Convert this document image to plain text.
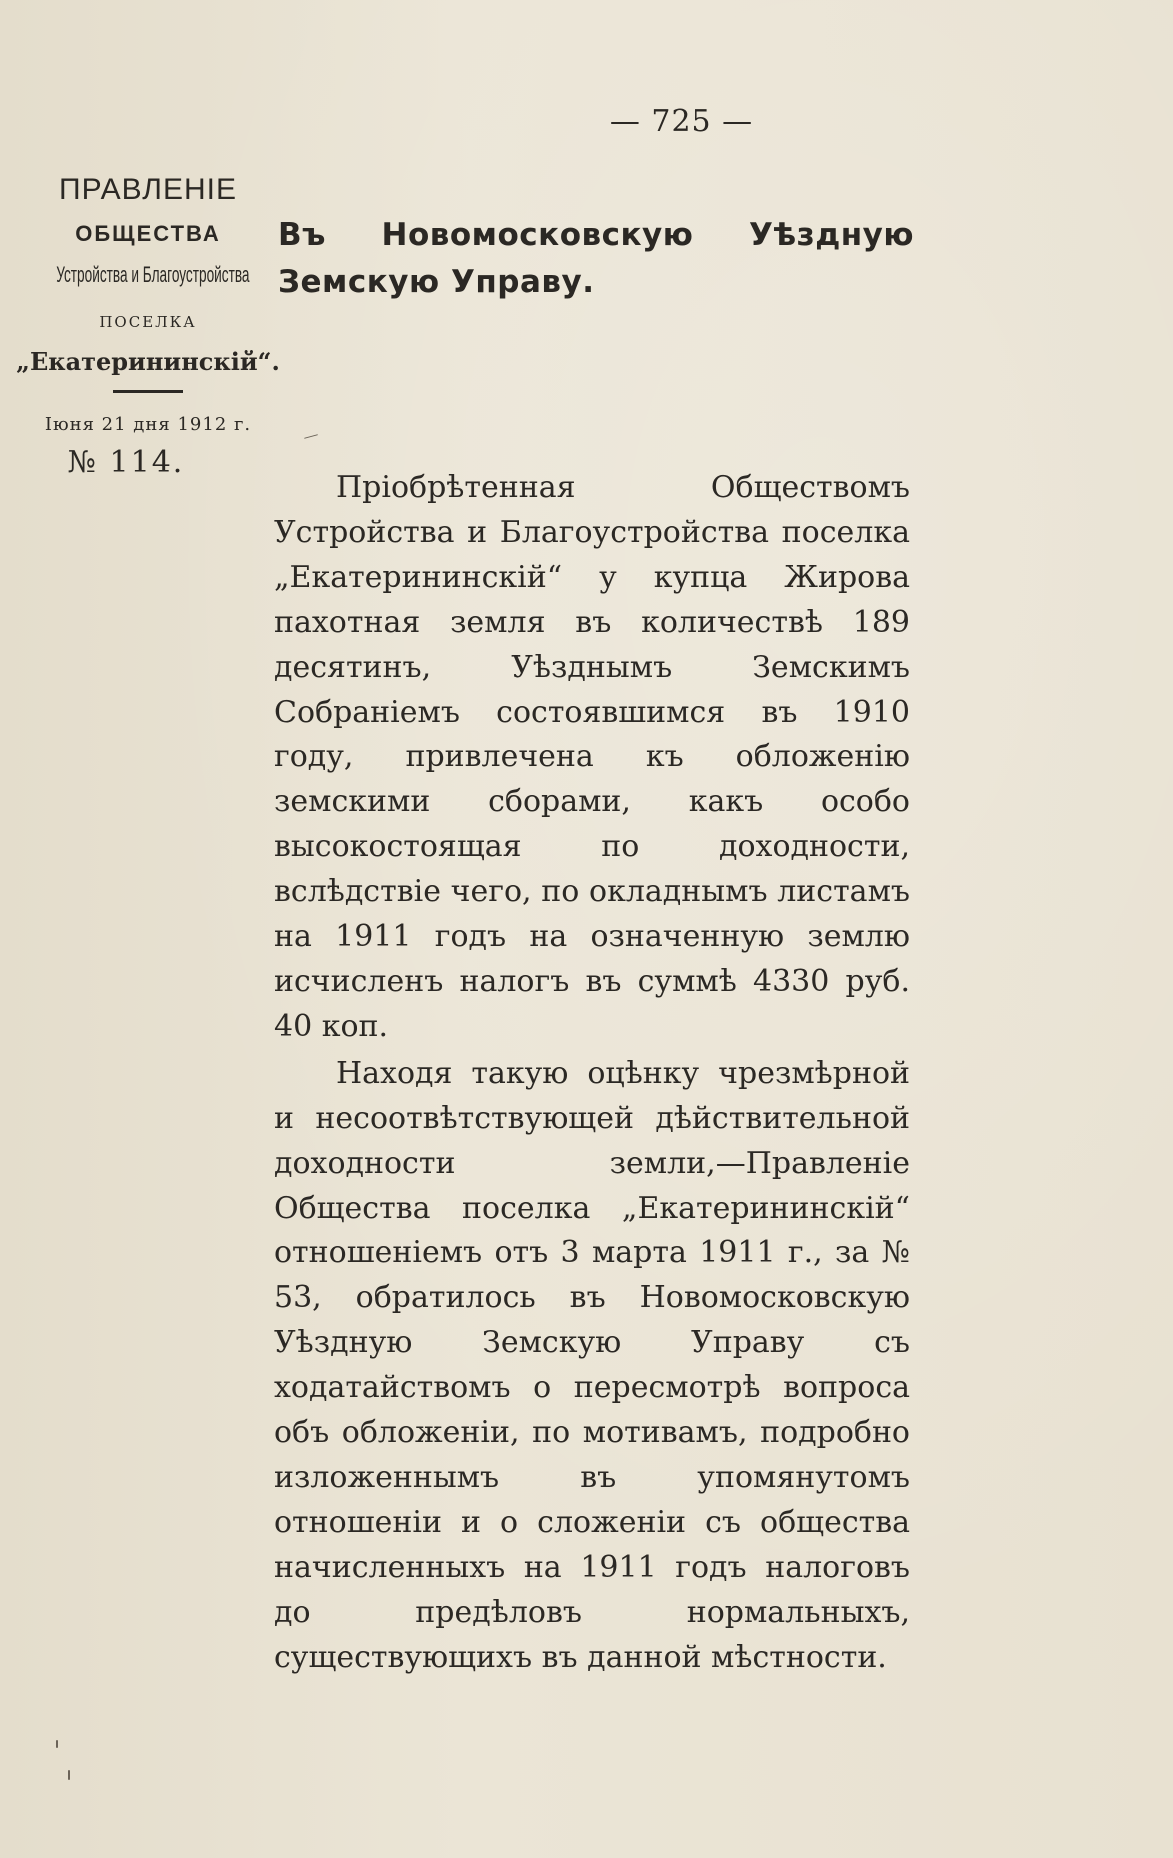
— 725 —
ПРАВЛЕНІЕ
ОБЩЕСТВА
Устройства и Благоустройства
ПОСЕЛКА
„Екатерининскій“.
Іюня 21 дня 1912 г.
№ 114.
Въ Новомосковскую Уѣздную Земскую Управу.

Пріобрѣтенная Обществомъ Устройства и Благоустройства поселка „Екатерининскій“ у купца Жирова пахотная земля въ количествѣ 189 десятинъ, Уѣзднымъ Земскимъ Собраніемъ состоявшимся въ 1910 году, привлечена къ обложенію земскими сборами, какъ особо высокостоящая по доходности, вслѣдствіе чего, по окладнымъ листамъ на 1911 годъ на означенную землю исчисленъ налогъ въ суммѣ 4330 руб. 40 коп.

Находя такую оцѣнку чрезмѣрной и несоотвѣтствующей дѣйствительной доходности земли,—Правленіе Общества поселка „Екатерининскій“ отношеніемъ отъ 3 марта 1911 г., за № 53, обратилось въ Новомосковскую Уѣздную Земскую Управу съ ходатайствомъ о пересмотрѣ вопроса объ обложеніи, по мотивамъ, подробно изложеннымъ въ упомянутомъ отношеніи и о сложеніи съ общества начисленныхъ на 1911 годъ налоговъ до предѣловъ нормальныхъ, существующихъ въ данной мѣстности.
